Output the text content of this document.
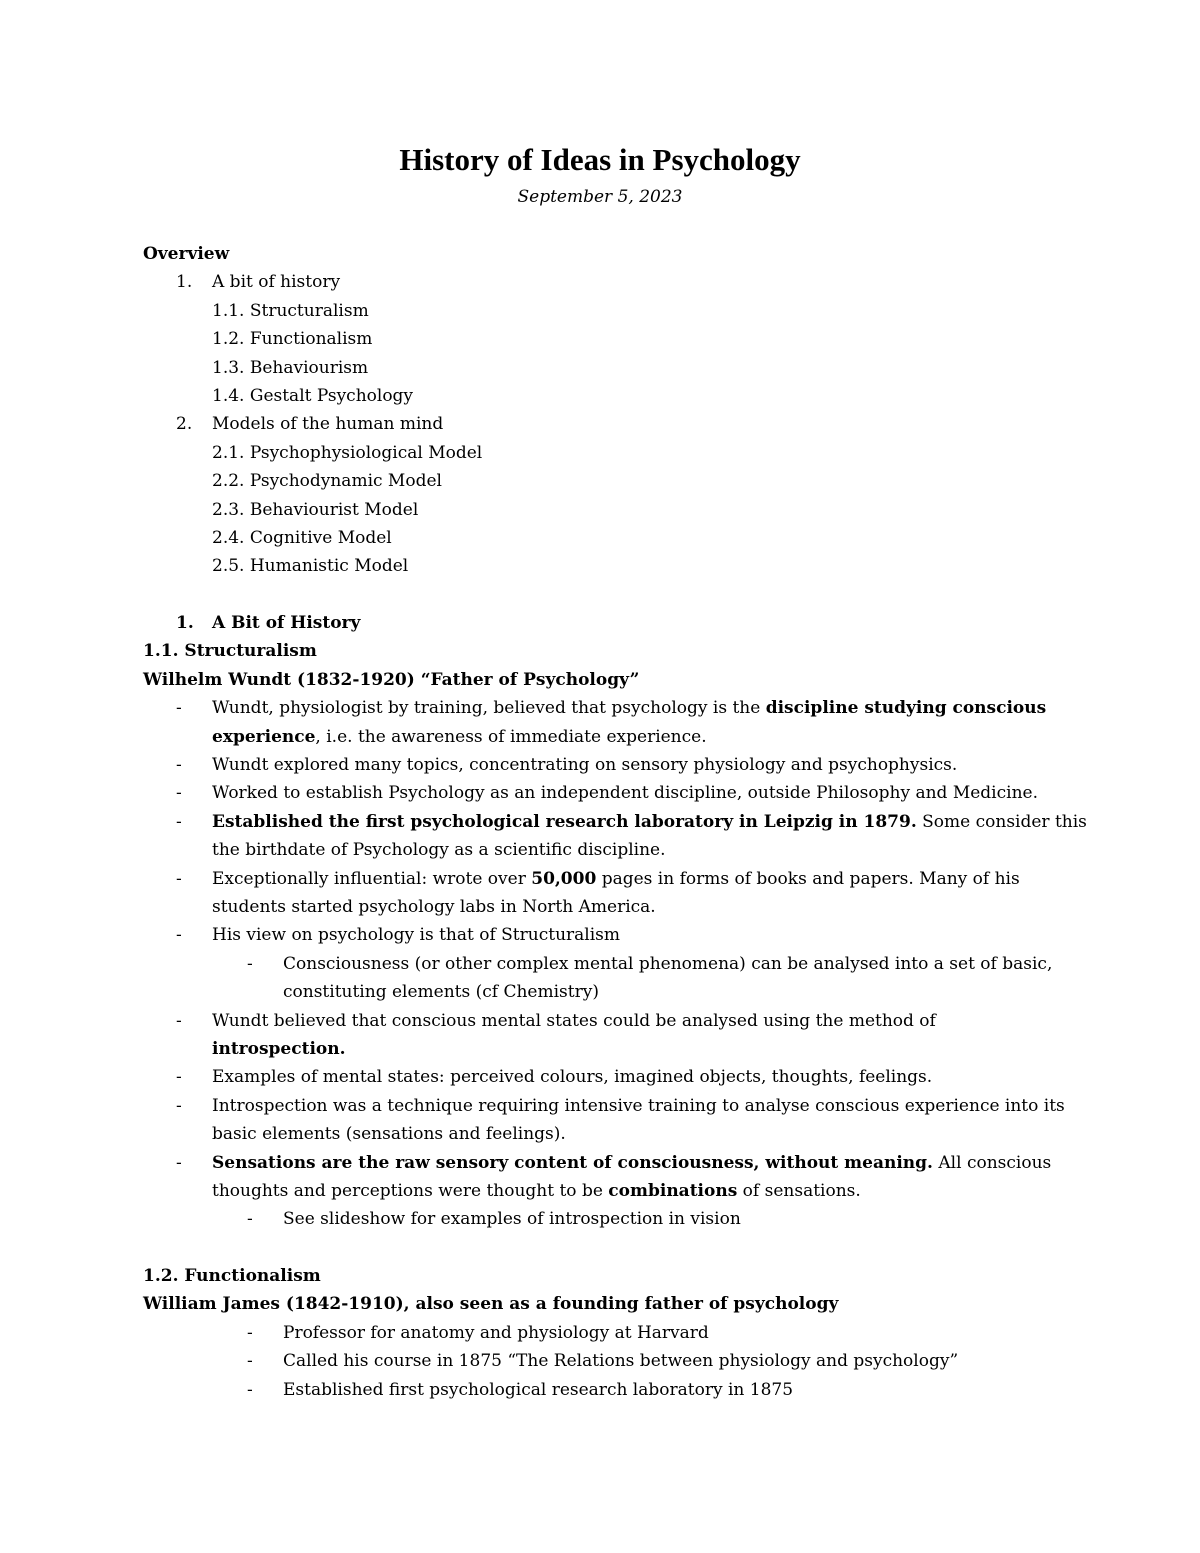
History of Ideas in Psychology
September 5, 2023
Overview
1. A bit of history
1.1. Structuralism
1.2. Functionalism
1.3. Behaviourism
1.4. Gestalt Psychology
2. Models of the human mind
2.1. Psychophysiological Model
2.2. Psychodynamic Model
2.3. Behaviourist Model
2.4. Cognitive Model
2.5. Humanistic Model
1. A Bit of History
1.1. Structuralism
Wilhelm Wundt (1832-1920) “Father of Psychology”
- Wundt, physiologist by training, believed that psychology is the discipline studying conscious
experience, i.e. the awareness of immediate experience.
- Wundt explored many topics, concentrating on sensory physiology and psychophysics.
- Worked to establish Psychology as an independent discipline, outside Philosophy and Medicine.
- Established the first psychological research laboratory in Leipzig in 1879. Some consider this
the birthdate of Psychology as a scientific discipline.
- Exceptionally influential: wrote over 50,000 pages in forms of books and papers. Many of his
students started psychology labs in North America.
- His view on psychology is that of Structuralism
- Consciousness (or other complex mental phenomena) can be analysed into a set of basic,
constituting elements (cf Chemistry)
- Wundt believed that conscious mental states could be analysed using the method of
introspection.
- Examples of mental states: perceived colours, imagined objects, thoughts, feelings.
- Introspection was a technique requiring intensive training to analyse conscious experience into its
basic elements (sensations and feelings).
- Sensations are the raw sensory content of consciousness, without meaning. All conscious
thoughts and perceptions were thought to be combinations of sensations.
- See slideshow for examples of introspection in vision
1.2. Functionalism
William James (1842-1910), also seen as a founding father of psychology
- Professor for anatomy and physiology at Harvard
- Called his course in 1875 “The Relations between physiology and psychology”
- Established first psychological research laboratory in 1875
